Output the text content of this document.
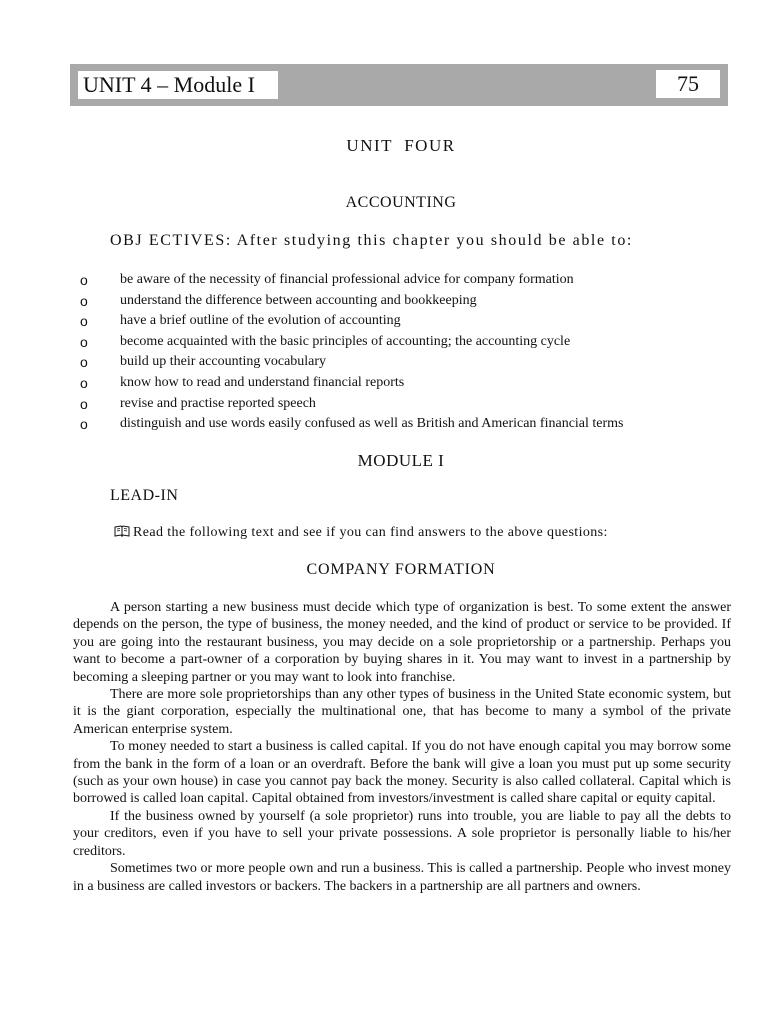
UNIT 4 – Module I	75
UNIT  FOUR
ACCOUNTING
OBJ ECTIVES: After studying this chapter you should be able to:
o	be aware of the necessity of financial professional advice for company formation
o	understand the difference between accounting and bookkeeping
o	have a brief outline of the evolution of accounting
o	become acquainted with the basic principles of accounting; the accounting cycle
o	build up their accounting vocabulary
o	know how to read and understand financial reports
o	revise and practise reported speech
o	distinguish and use words easily confused as well as British and American financial terms
MODULE I
LEAD-IN
Read the following text and see if you can find answers to the above questions:
COMPANY FORMATION

A person starting a new business must decide which type of organization is best. To some extent the answer depends on the person, the type of business, the money needed, and the kind of product or service to be provided. If you are going into the restaurant business, you may decide on a sole proprietorship or a partnership. Perhaps you want to become a part-owner of a corporation by buying shares in it. You may want to invest in a partnership by becoming a sleeping partner or you may want to look into franchise.

There are more sole proprietorships than any other types of business in the United State economic system, but it is the giant corporation, especially the multinational one, that has become to many a symbol of the private American enterprise system.

To money needed to start a business is called capital. If you do not have enough capital you may borrow some from the bank in the form of a loan or an overdraft. Before the bank will give a loan you must put up some security (such as your own house) in case you cannot pay back the money. Security is also called collateral. Capital which is borrowed is called loan capital. Capital obtained from investors/investment is called share capital or equity capital.

If the business owned by yourself (a sole proprietor) runs into trouble, you are liable to pay all the debts to your creditors, even if you have to sell your private possessions. A sole proprietor is personally liable to his/her creditors.

Sometimes two or more people own and run a business. This is called a partnership. People who invest money in a business are called investors or backers. The backers in a partnership are all partners and owners.
